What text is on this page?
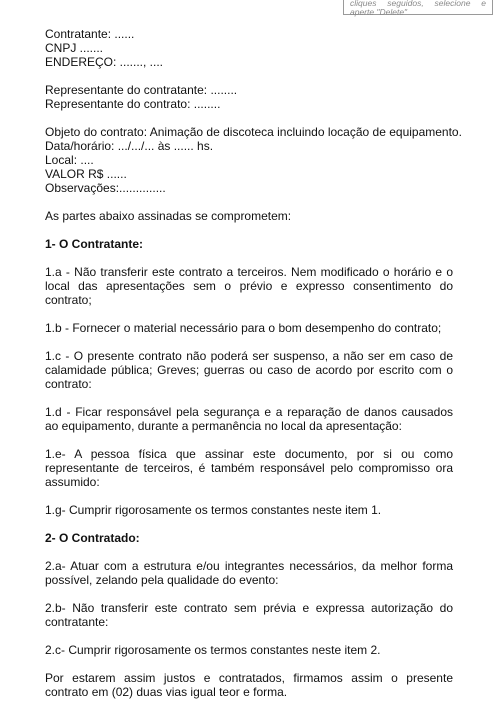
cliques seguidos, selecione e aperte "Delete"
Contratante: ......
CNPJ .......
ENDEREÇO: ......., ....
Representante do contratante: ........
Representante do contrato: ........
Objeto do contrato: Animação de discoteca incluindo locação de equipamento.
Data/horário: .../.../... às ...... hs.
Local: ....
VALOR R$ ......
Observações:..............

As partes abaixo assinadas se comprometem:

1- O Contratante:

1.a - Não transferir este contrato a terceiros. Nem modificado o horário e o local das apresentações sem o prévio e expresso consentimento do contrato;

1.b - Fornecer o material necessário para o bom desempenho do contrato;

1.c - O presente contrato não poderá ser suspenso, a não ser em caso de calamidade pública; Greves; guerras ou caso de acordo por escrito com o contrato:

1.d - Ficar responsável pela segurança e a reparação de danos causados ao equipamento, durante a permanência no local da apresentação:

1.e- A pessoa física que assinar este documento, por si ou como representante de terceiros, é também responsável pelo compromisso ora assumido:

1.g- Cumprir rigorosamente os termos constantes neste item 1.

2- O Contratado:

2.a- Atuar com a estrutura e/ou integrantes necessários, da melhor forma possível, zelando pela qualidade do evento:

2.b- Não transferir este contrato sem prévia e expressa autorização do contratante:

2.c- Cumprir rigorosamente os termos constantes neste item 2.

Por estarem assim justos e contratados, firmamos assim o presente contrato em (02) duas vias igual teor e forma.
